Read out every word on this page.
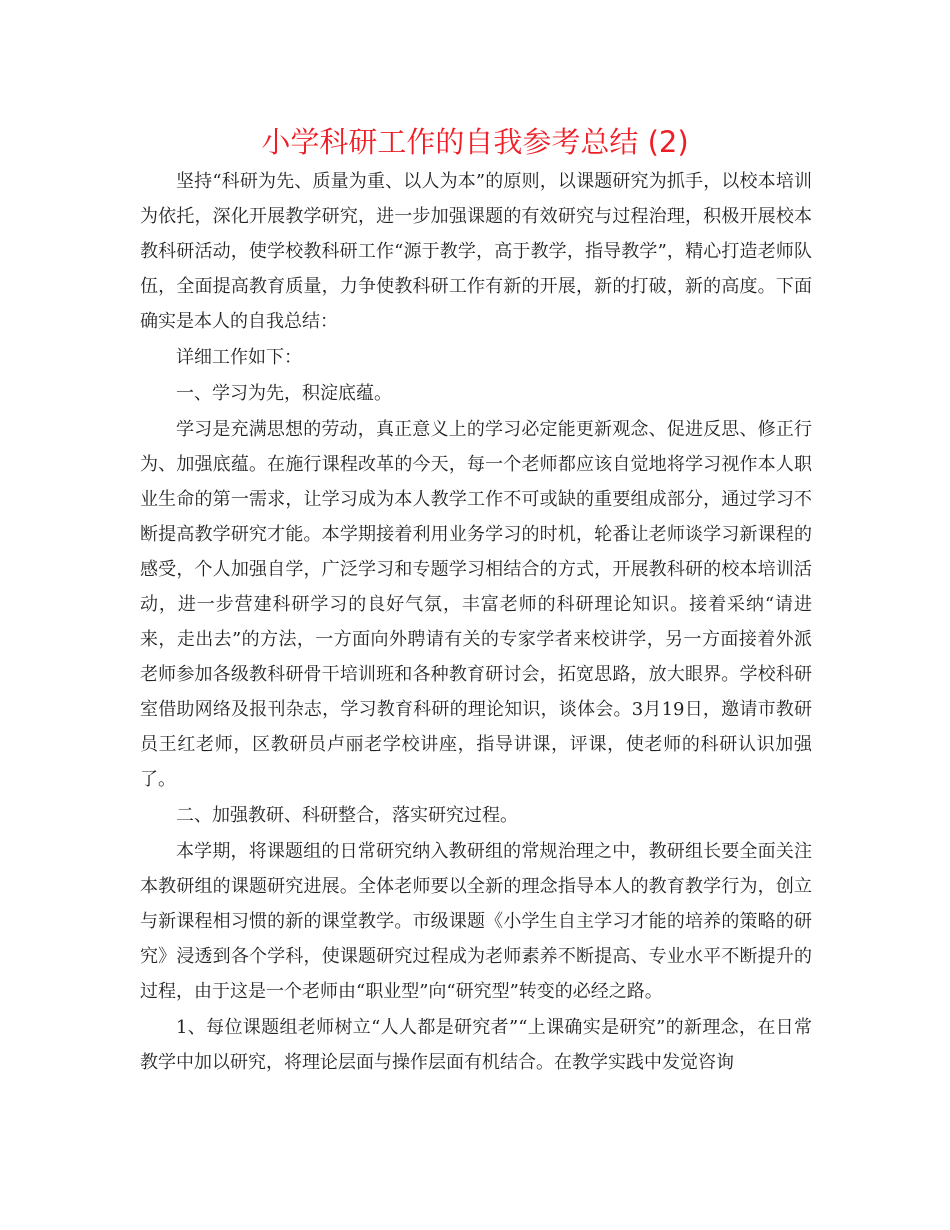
小学科研工作的自我参考总结 (2)

坚持“科研为先、质量为重、以人为本”的原则，以课题研究为抓手，以校本培训为依托，深化开展教学研究，进一步加强课题的有效研究与过程治理，积极开展校本教科研活动，使学校教科研工作“源于教学，高于教学，指导教学”，精心打造老师队伍，全面提高教育质量，力争使教科研工作有新的开展，新的打破，新的高度。下面确实是本人的自我总结：

详细工作如下：

一、学习为先，积淀底蕴。

学习是充满思想的劳动，真正意义上的学习必定能更新观念、促进反思、修正行为、加强底蕴。在施行课程改革的今天，每一个老师都应该自觉地将学习视作本人职业生命的第一需求，让学习成为本人教学工作不可或缺的重要组成部分，通过学习不断提高教学研究才能。本学期接着利用业务学习的时机，轮番让老师谈学习新课程的感受，个人加强自学，广泛学习和专题学习相结合的方式，开展教科研的校本培训活动，进一步营建科研学习的良好气氛，丰富老师的科研理论知识。接着采纳“请进来，走出去”的方法，一方面向外聘请有关的专家学者来校讲学，另一方面接着外派老师参加各级教科研骨干培训班和各种教育研讨会，拓宽思路，放大眼界。学校科研室借助网络及报刊杂志，学习教育科研的理论知识，谈体会。3月19日，邀请市教研员王红老师，区教研员卢丽老学校讲座，指导讲课，评课，使老师的科研认识加强了。

二、加强教研、科研整合，落实研究过程。

本学期，将课题组的日常研究纳入教研组的常规治理之中，教研组长要全面关注本教研组的课题研究进展。全体老师要以全新的理念指导本人的教育教学行为，创立与新课程相习惯的新的课堂教学。市级课题《小学生自主学习才能的培养的策略的研究》浸透到各个学科，使课题研究过程成为老师素养不断提高、专业水平不断提升的过程，由于这是一个老师由“职业型”向“研究型”转变的必经之路。

1、每位课题组老师树立“人人都是研究者”“上课确实是研究”的新理念，在日常教学中加以研究，将理论层面与操作层面有机结合。在教学实践中发觉咨询
